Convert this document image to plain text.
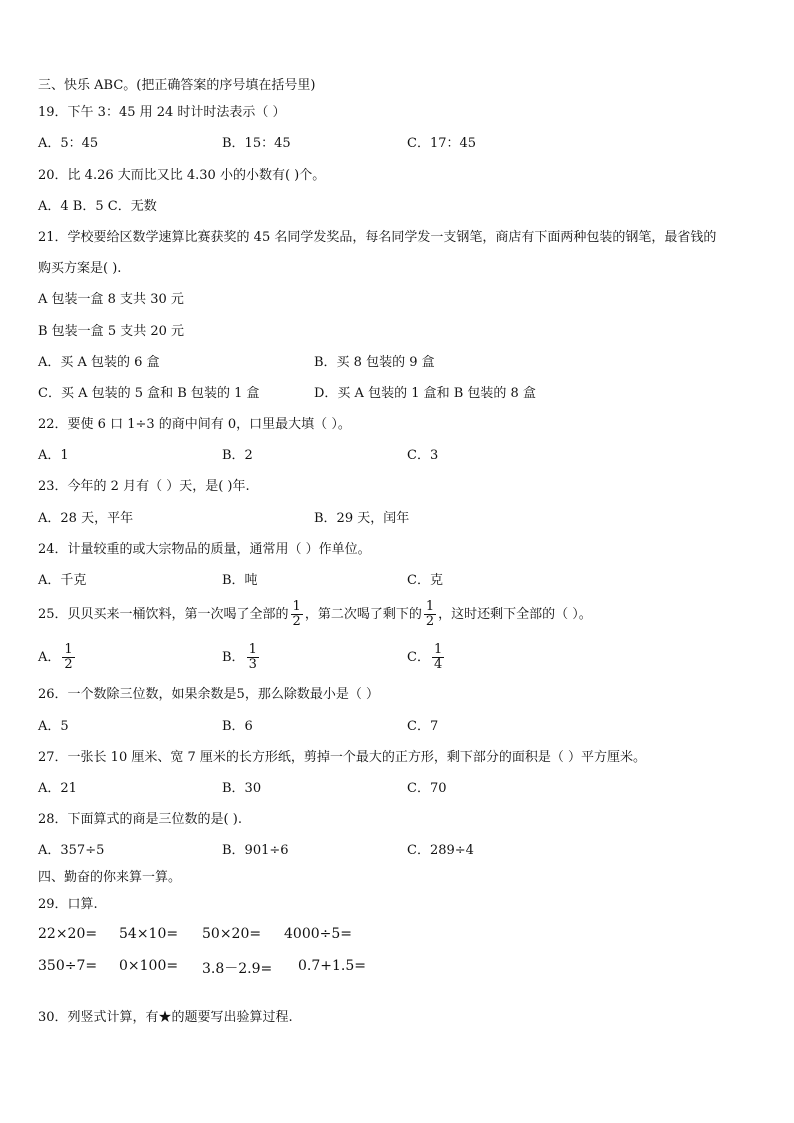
三、快乐 ABC。(把正确答案的序号填在括号里)
19．下午 3：45 用 24 时计时法表示（ ）
A．5：45	B．15：45	C．17：45
20．比 4.26 大而比又比 4.30 小的小数有( )个。
A．4 B．5 C．无数
21．学校要给区数学速算比赛获奖的 45 名同学发奖品，每名同学发一支钢笔，商店有下面两种包装的钢笔，最省钱的
购买方案是( ).
A 包装一盒 8 支共 30 元
B 包装一盒 5 支共 20 元
A．买 A 包装的 6 盒	B．买 8 包装的 9 盒
C．买 A 包装的 5 盒和 B 包装的 1 盒	D．买 A 包装的 1 盒和 B 包装的 8 盒
22．要使 6 口 1÷3 的商中间有 0，口里最大填（ ）。
A．1	B．2	C．3
23．今年的 2 月有（ ）天，是( )年.
A．28 天，平年	B．29 天，闰年
24．计量较重的或大宗物品的质量，通常用（ ）作单位。
A．千克	B．吨	C．克
25．贝贝买来一桶饮料，第一次喝了全部的 $\frac{1}{2}$ ，第二次喝了剩下的 $\frac{1}{2}$ ，这时还剩下全部的（ ）。
A． $\frac{1}{2}$	B． $\frac{1}{3}$	C． $\frac{1}{4}$
26．一个数除三位数，如果余数是5，那么除数最小是（ ）
A．5	B．6	C．7
27．一张长 10 厘米、宽 7 厘米的长方形纸，剪掉一个最大的正方形，剩下部分的面积是（ ）平方厘米。
A．21	B．30	C．70
28．下面算式的商是三位数的是( ).
A．357÷5	B．901÷6	C．289÷4
四、勤奋的你来算一算。
29．口算.
22×20= 54×10= 50×20= 4000÷5=
350÷7= 0×100= 3.8－2.9= 0.7+1.5=
30．列竖式计算，有★的题要写出验算过程.
